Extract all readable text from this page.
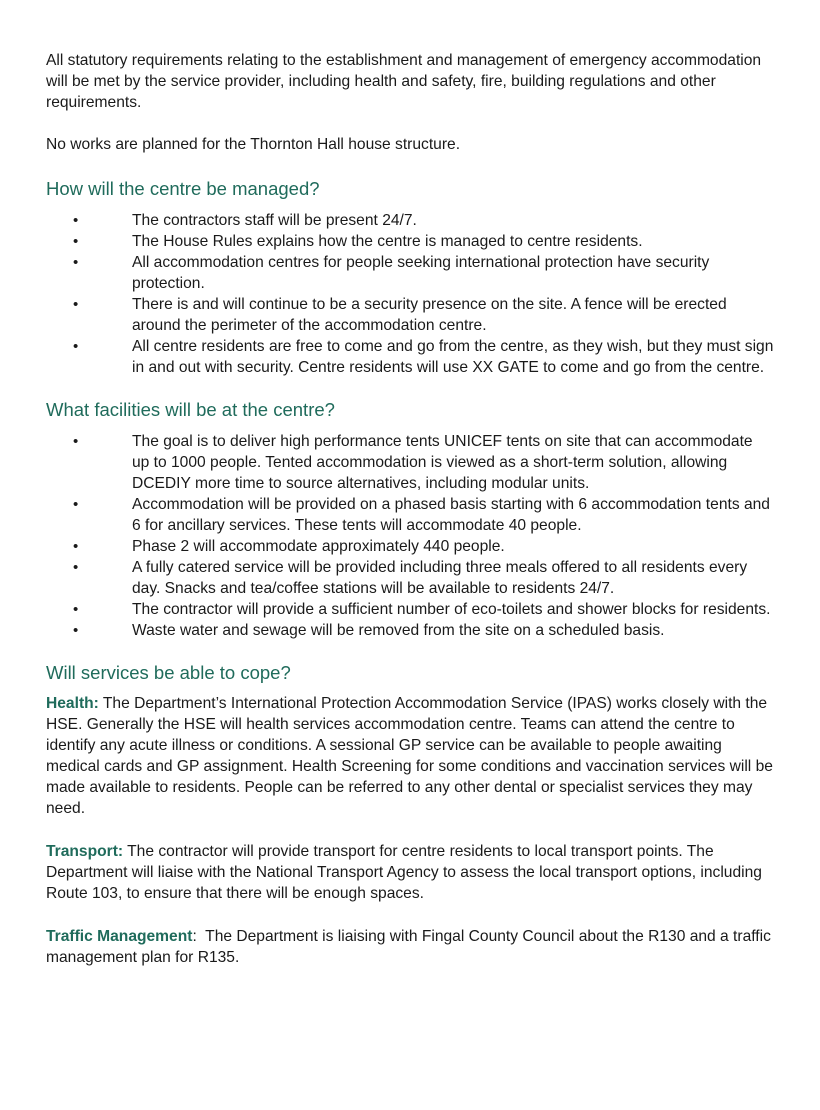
All statutory requirements relating to the establishment and management of emergency accommodation will be met by the service provider, including health and safety, fire, building regulations and other requirements.

No works are planned for the Thornton Hall house structure.

How will the centre be managed?
•	The contractors staff will be present 24/7.
•	The House Rules explains how the centre is managed to centre residents.
•	All accommodation centres for people seeking international protection have security protection.
•	There is and will continue to be a security presence on the site. A fence will be erected around the perimeter of the accommodation centre.
•	All centre residents are free to come and go from the centre, as they wish, but they must sign in and out with security. Centre residents will use XX GATE to come and go from the centre.
What facilities will be at the centre?
•	The goal is to deliver high performance tents UNICEF tents on site that can accommodate up to 1000 people. Tented accommodation is viewed as a short-term solution, allowing DCEDIY more time to source alternatives, including modular units.
•	Accommodation will be provided on a phased basis starting with 6 accommodation tents and 6 for ancillary services. These tents will accommodate 40 people.
•	Phase 2 will accommodate approximately 440 people.
•	A fully catered service will be provided including three meals offered to all residents every day. Snacks and tea/coffee stations will be available to residents 24/7.
•	The contractor will provide a sufficient number of eco-toilets and shower blocks for residents.
•	Waste water and sewage will be removed from the site on a scheduled basis.
Will services be able to cope?

Health: The Department’s International Protection Accommodation Service (IPAS) works closely with the HSE. Generally the HSE will health services accommodation centre. Teams can attend the centre to identify any acute illness or conditions. A sessional GP service can be available to people awaiting medical cards and GP assignment. Health Screening for some conditions and vaccination services will be made available to residents. People can be referred to any other dental or specialist services they may need.

Transport: The contractor will provide transport for centre residents to local transport points. The Department will liaise with the National Transport Agency to assess the local transport options, including Route 103, to ensure that there will be enough spaces.

Traffic Management:  The Department is liaising with Fingal County Council about the R130 and a traffic management plan for R135.
